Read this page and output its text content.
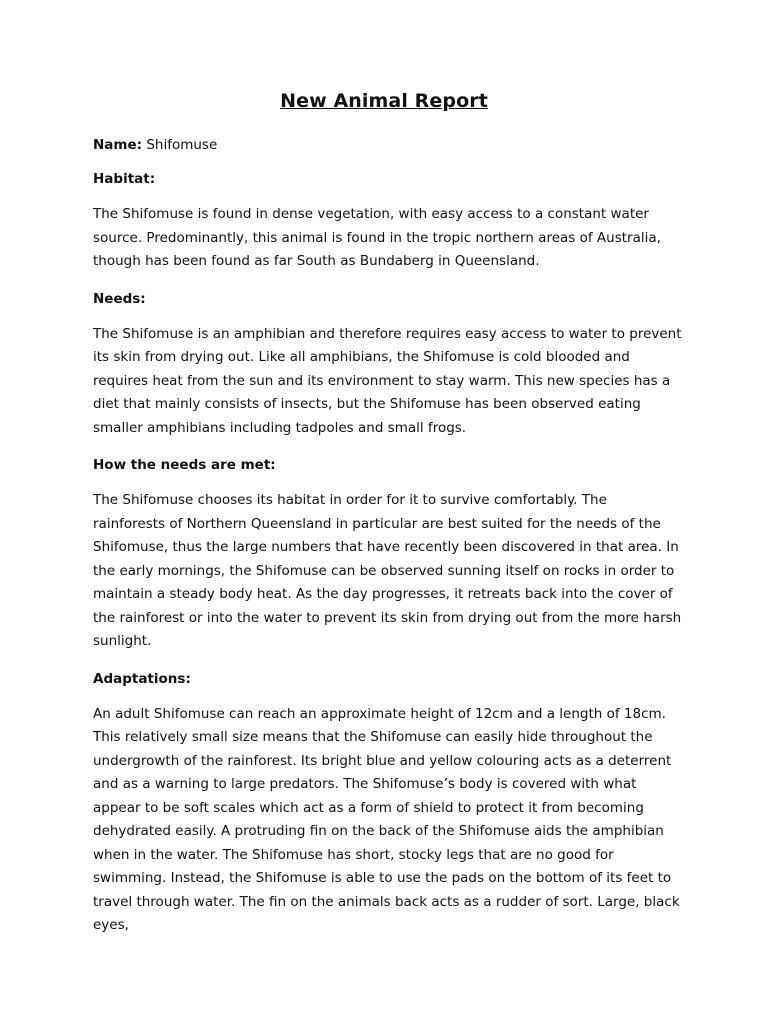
New Animal Report

Name: Shifomuse

Habitat:

The Shifomuse is found in dense vegetation, with easy access to a constant water source. Predominantly, this animal is found in the tropic northern areas of Australia, though has been found as far South as Bundaberg in Queensland.

Needs:

The Shifomuse is an amphibian and therefore requires easy access to water to prevent its skin from drying out. Like all amphibians, the Shifomuse is cold blooded and requires heat from the sun and its environment to stay warm. This new species has a diet that mainly consists of insects, but the Shifomuse has been observed eating smaller amphibians including tadpoles and small frogs.

How the needs are met:

The Shifomuse chooses its habitat in order for it to survive comfortably. The rainforests of Northern Queensland in particular are best suited for the needs of the Shifomuse, thus the large numbers that have recently been discovered in that area. In the early mornings, the Shifomuse can be observed sunning itself on rocks in order to maintain a steady body heat. As the day progresses, it retreats back into the cover of the rainforest or into the water to prevent its skin from drying out from the more harsh sunlight.

Adaptations:

An adult Shifomuse can reach an approximate height of 12cm and a length of 18cm. This relatively small size means that the Shifomuse can easily hide throughout the undergrowth of the rainforest. Its bright blue and yellow colouring acts as a deterrent and as a warning to large predators. The Shifomuse’s body is covered with what appear to be soft scales which act as a form of shield to protect it from becoming dehydrated easily. A protruding fin on the back of the Shifomuse aids the amphibian when in the water. The Shifomuse has short, stocky legs that are no good for swimming. Instead, the Shifomuse is able to use the pads on the bottom of its feet to travel through water. The fin on the animals back acts as a rudder of sort. Large, black eyes,
